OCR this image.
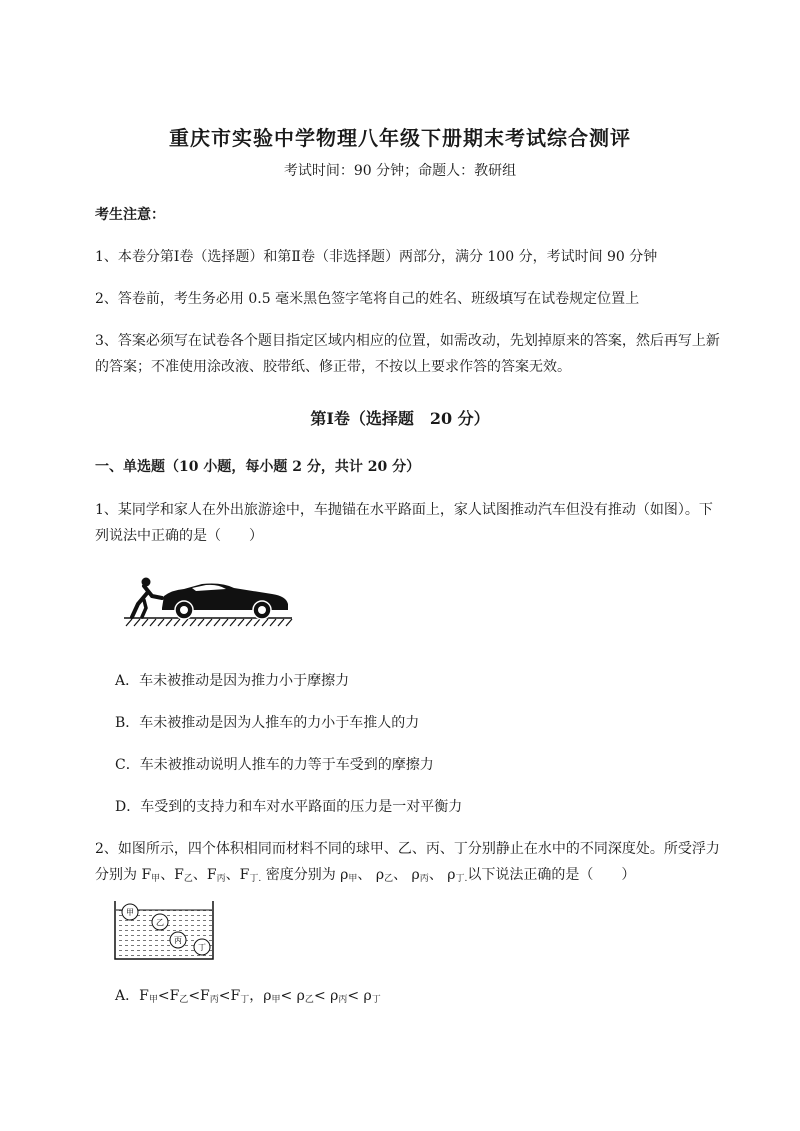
重庆市实验中学物理八年级下册期末考试综合测评
考试时间：90 分钟；命题人：教研组
考生注意：
1、本卷分第Ⅰ卷（选择题）和第Ⅱ卷（非选择题）两部分，满分 100 分，考试时间 90 分钟
2、答卷前，考生务必用 0.5 毫米黑色签字笔将自己的姓名、班级填写在试卷规定位置上
3、答案必须写在试卷各个题目指定区域内相应的位置，如需改动，先划掉原来的答案，然后再写上新
的答案；不准使用涂改液、胶带纸、修正带，不按以上要求作答的答案无效。
第Ⅰ卷（选择题　20 分）
一、单选题（10 小题，每小题 2 分，共计 20 分）
1、某同学和家人在外出旅游途中，车抛锚在水平路面上，家人试图推动汽车但没有推动（如图）。下
列说法中正确的是（　　）
A．车未被推动是因为推力小于摩擦力
B．车未被推动是因为人推车的力小于车推人的力
C．车未被推动说明人推车的力等于车受到的摩擦力
D．车受到的支持力和车对水平路面的压力是一对平衡力
2、如图所示，四个体积相同而材料不同的球甲、乙、丙、丁分别静止在水中的不同深度处。所受浮力
分别为 $F_甲$、$F_乙$、$F_丙$、$F_{丁.}$ 密度分别为 $\rho_甲$、 $\rho_乙$、 $\rho_丙$、 $\rho_{丁.}$以下说法正确的是（　　）
甲
乙
丙
丁
A．$F_甲<F_乙<F_丙<F_丁$，$\rho_甲< \rho_乙< \rho_丙< \rho_丁$
